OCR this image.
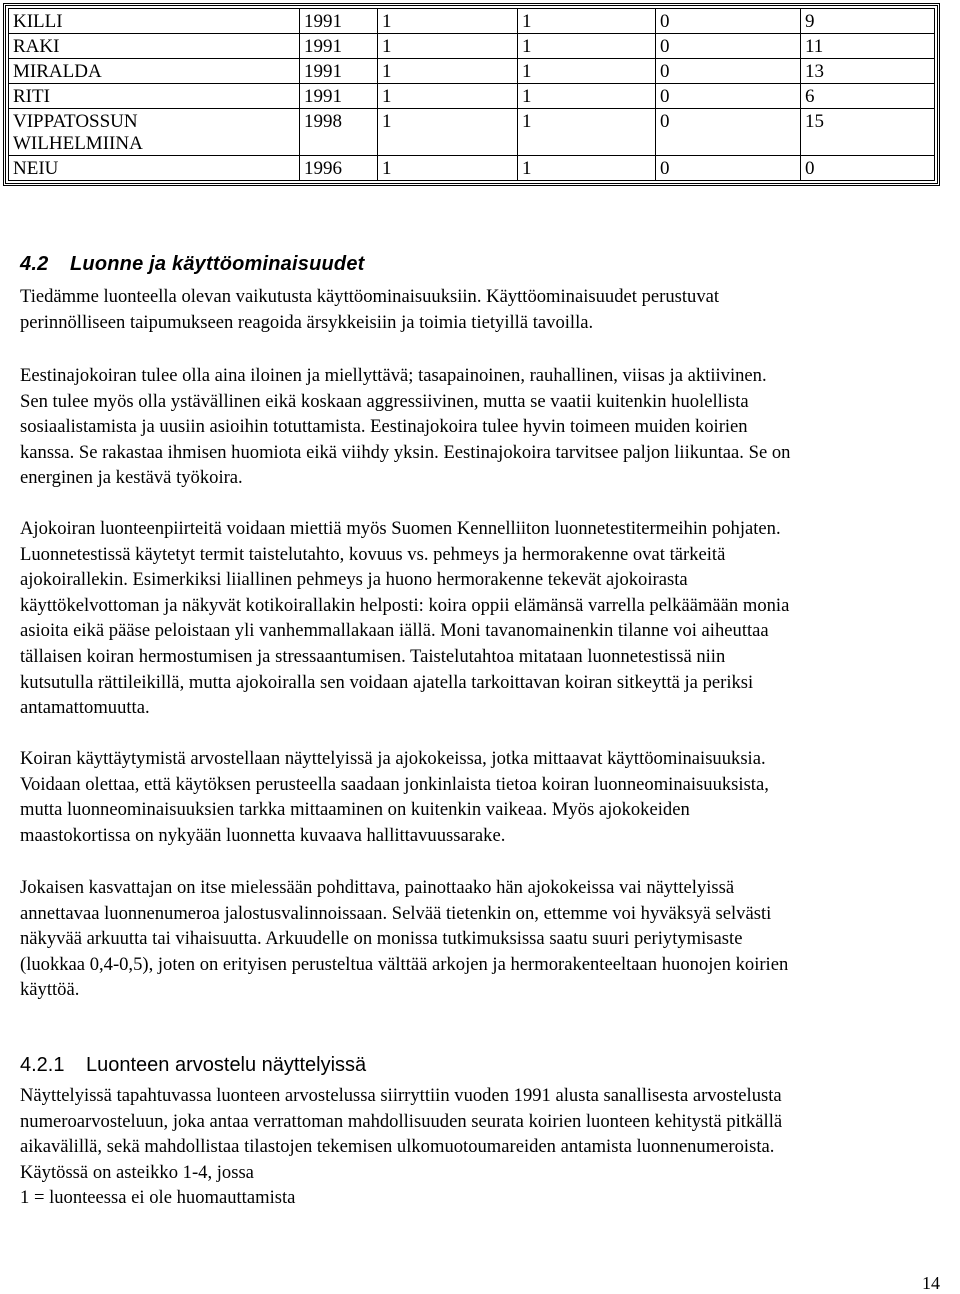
KILLI	1991	1	1	0	9
RAKI	1991	1	1	0	11
MIRALDA	1991	1	1	0	13
RITI	1991	1	1	0	6
VIPPATOSSUN
WILHELMIINA	1998	1	1	0	15
NEIU	1996	1	1	0	0
4.2 Luonne ja käyttöominaisuudet

Tiedämme luonteella olevan vaikutusta käyttöominaisuuksiin. Käyttöominaisuudet perustuvat
perinnölliseen taipumukseen reagoida ärsykkeisiin ja toimia tietyillä tavoilla.

Eestinajokoiran tulee olla aina iloinen ja miellyttävä; tasapainoinen, rauhallinen, viisas ja aktiivinen.
Sen tulee myös olla ystävällinen eikä koskaan aggressiivinen, mutta se vaatii kuitenkin huolellista
sosiaalistamista ja uusiin asioihin totuttamista. Eestinajokoira tulee hyvin toimeen muiden koirien
kanssa. Se rakastaa ihmisen huomiota eikä viihdy yksin. Eestinajokoira tarvitsee paljon liikuntaa. Se on
energinen ja kestävä työkoira.

Ajokoiran luonteenpiirteitä voidaan miettiä myös Suomen Kennelliiton luonnetestitermeihin pohjaten.
Luonnetestissä käytetyt termit taistelutahto, kovuus vs. pehmeys ja hermorakenne ovat tärkeitä
ajokoirallekin. Esimerkiksi liiallinen pehmeys ja huono hermorakenne tekevät ajokoirasta
käyttökelvottoman ja näkyvät kotikoirallakin helposti: koira oppii elämänsä varrella pelkäämään monia
asioita eikä pääse peloistaan yli vanhemmallakaan iällä. Moni tavanomainenkin tilanne voi aiheuttaa
tällaisen koiran hermostumisen ja stressaantumisen. Taistelutahtoa mitataan luonnetestissä niin
kutsutulla rättileikillä, mutta ajokoiralla sen voidaan ajatella tarkoittavan koiran sitkeyttä ja periksi
antamattomuutta.

Koiran käyttäytymistä arvostellaan näyttelyissä ja ajokokeissa, jotka mittaavat käyttöominaisuuksia.
Voidaan olettaa, että käytöksen perusteella saadaan jonkinlaista tietoa koiran luonneominaisuuksista,
mutta luonneominaisuuksien tarkka mittaaminen on kuitenkin vaikeaa. Myös ajokokeiden
maastokortissa on nykyään luonnetta kuvaava hallittavuussarake.

Jokaisen kasvattajan on itse mielessään pohdittava, painottaako hän ajokokeissa vai näyttelyissä
annettavaa luonnenumeroa jalostusvalinnoissaan. Selvää tietenkin on, ettemme voi hyväksyä selvästi
näkyvää arkuutta tai vihaisuutta. Arkuudelle on monissa tutkimuksissa saatu suuri periytymisaste
(luokkaa 0,4-0,5), joten on erityisen perusteltua välttää arkojen ja hermorakenteeltaan huonojen koirien
käyttöä.

4.2.1 Luonteen arvostelu näyttelyissä

Näyttelyissä tapahtuvassa luonteen arvostelussa siirryttiin vuoden 1991 alusta sanallisesta arvostelusta
numeroarvosteluun, joka antaa verrattoman mahdollisuuden seurata koirien luonteen kehitystä pitkällä
aikavälillä, sekä mahdollistaa tilastojen tekemisen ulkomuotoumareiden antamista luonnenumeroista.
Käytössä on asteikko 1-4, jossa
1 = luonteessa ei ole huomauttamista

14
